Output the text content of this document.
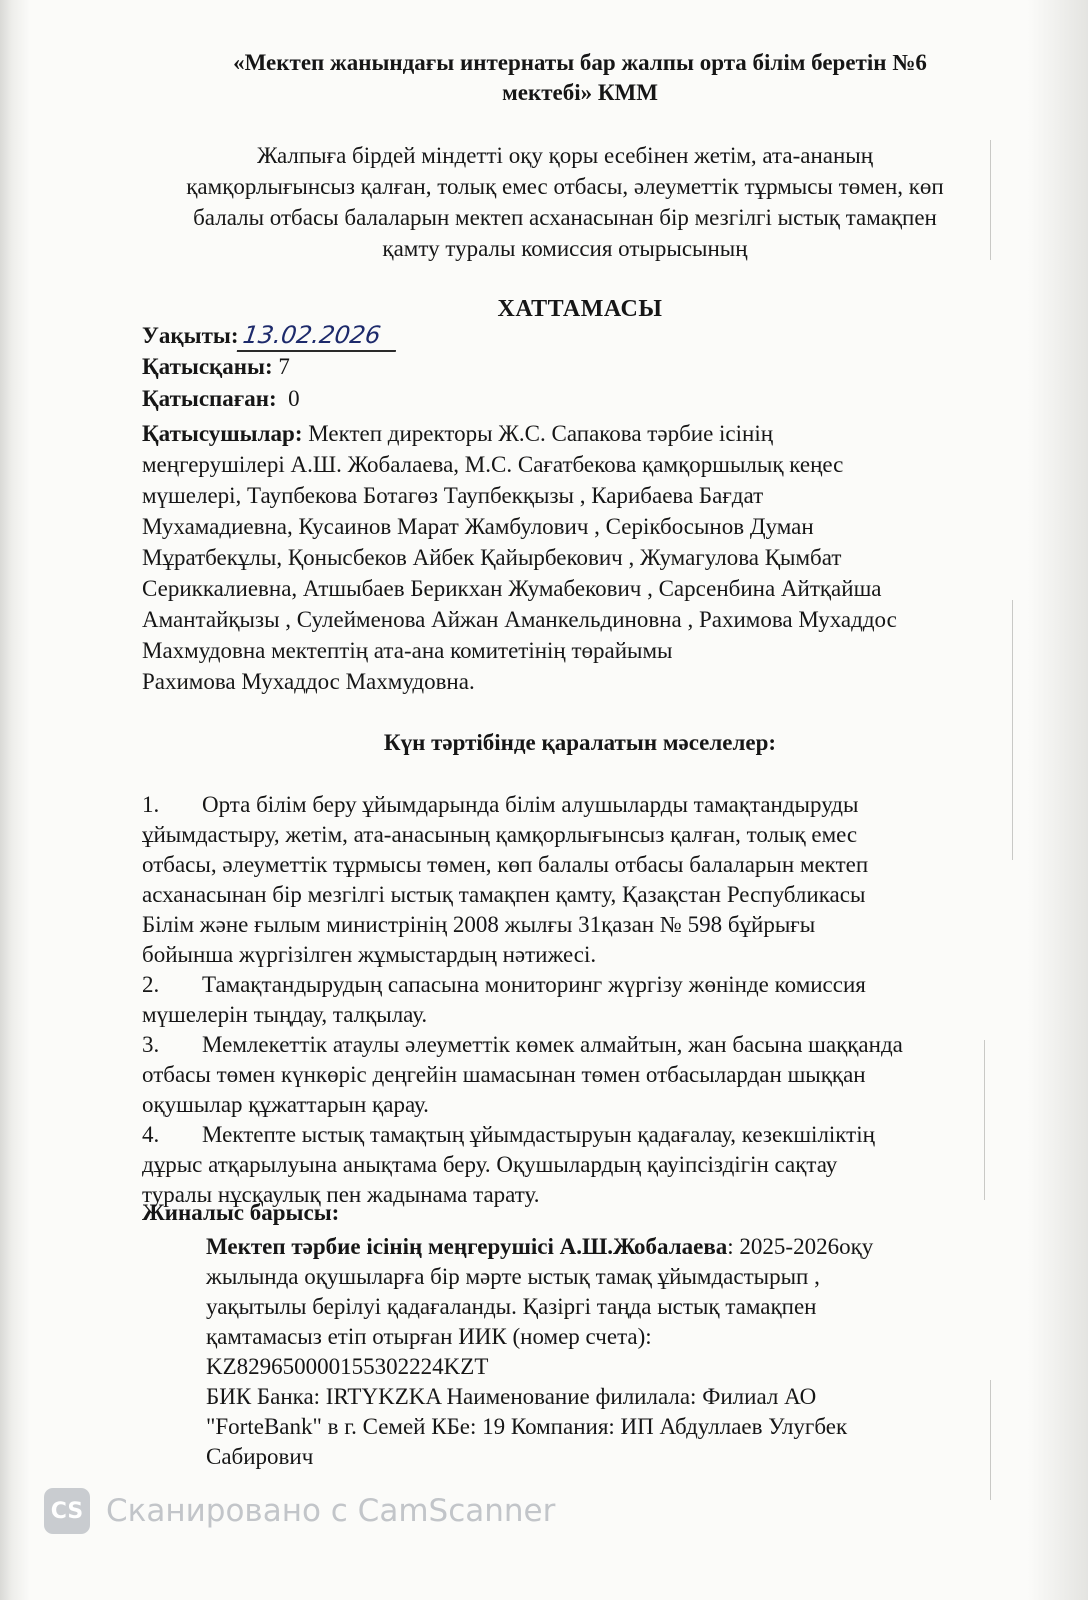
«Мектеп жанындағы интернаты бар жалпы орта білім беретін №6
мектебі» КММ
Жалпыға бірдей міндетті оқу қоры есебінен жетім, ата-ананың
қамқорлығынсыз қалған, толық емес отбасы, әлеуметтік тұрмысы төмен, көп
балалы отбасы балаларын мектеп асханасынан бір мезгілгі ыстық тамақпен
қамту туралы комиссия отырысының
ХАТТАМАСЫ
Уақыты:13.02.2026
Қатысқаны: 7
Қатыспаған: 0
Қатысушылар: Мектеп директоры Ж.С. Сапакова тәрбие ісінің
меңгерушілері А.Ш. Жобалаева, М.С. Сағатбекова қамқоршылық кеңес
мүшелері, Таупбекова Ботагөз Таупбекқызы , Карибаева Бағдат
Мухамадиевна, Кусаинов Марат Жамбулович , Серікбосынов Думан
Мұратбекұлы, Қонысбеков Айбек Қайырбекович , Жумагулова Қымбат
Сериккалиевна, Атшыбаев Берикхан Жумабекович , Сарсенбина Айтқайша
Амантайқызы , Сулейменова Айжан Аманкельдиновна , Рахимова Мухаддос
Махмудовна мектептің ата-ана комитетінің төрайымы
Рахимова Мухаддос Махмудовна.
Күн тәртібінде қаралатын мәселелер:
1. Орта білім беру ұйымдарында білім алушыларды тамақтандыруды
ұйымдастыру, жетім, ата-анасының қамқорлығынсыз қалған, толық емес
отбасы, әлеуметтік тұрмысы төмен, көп балалы отбасы балаларын мектеп
асханасынан бір мезгілгі ыстық тамақпен қамту, Қазақстан Республикасы
Білім және ғылым министрінің 2008 жылғы 31қазан № 598 бұйрығы
бойынша жүргізілген жұмыстардың нәтижесі.
2. Тамақтандырудың сапасына мониторинг жүргізу жөнінде комиссия
мүшелерін тыңдау, талқылау.
3. Мемлекеттік атаулы әлеуметтік көмек алмайтын, жан басына шаққанда
отбасы төмен күнкөріс деңгейін шамасынан төмен отбасылардан шыққан
оқушылар құжаттарын қарау.
4. Мектепте ыстық тамақтың ұйымдастыруын қадағалау, кезекшіліктің
дұрыс атқарылуына анықтама беру. Оқушылардың қауіпсіздігін сақтау
туралы нұсқаулық пен жадынама тарату.
Жиналыс барысы:
Мектеп тәрбие ісінің меңгерушісі А.Ш.Жобалаева: 2025-2026оқу
жылында оқушыларға бір мәрте ыстық тамақ ұйымдастырып ,
уақытылы берілуі қадағаланды. Қазіргі таңда ыстық тамақпен
қамтамасыз етіп отырған ИИК (номер счета):
KZ829650000155302224KZT
БИК Банка: IRTYKZKA Наименование филилала: Филиал АО
"ForteBank" в г. Семей КБе: 19 Компания: ИП Абдуллаев Улугбек
Сабирович
CS Сканировано с CamScanner
